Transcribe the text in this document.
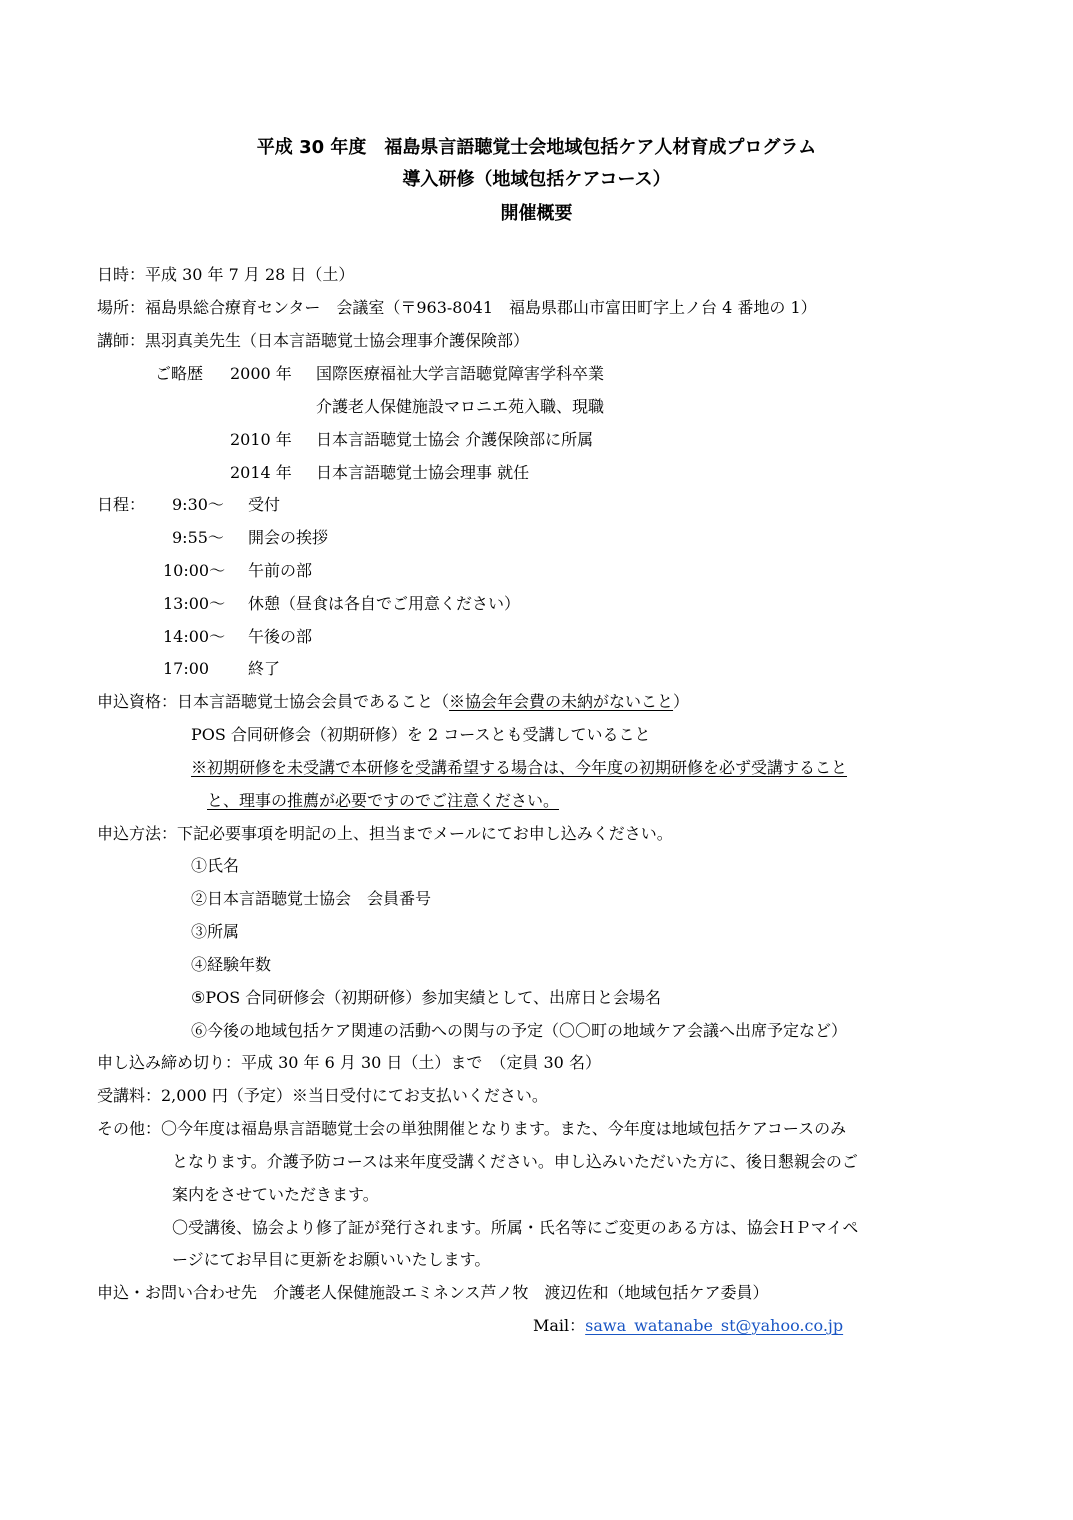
平成 30 年度　福島県言語聴覚士会地域包括ケア人材育成プログラム
導入研修（地域包括ケアコース）
開催概要
日時：平成 30 年 7 月 28 日（土）
場所：福島県総合療育センター　会議室（〒963-8041　福島県郡山市富田町字上ノ台 4 番地の 1）
講師：黒羽真美先生（日本言語聴覚士協会理事介護保険部）
ご略歴 2000 年 国際医療福祉大学言語聴覚障害学科卒業
介護老人保健施設マロニエ苑入職、現職
2010 年 日本言語聴覚士協会 介護保険部に所属
2014 年 日本言語聴覚士協会理事 就任
日程： 9:30～ 受付
9:55～ 開会の挨拶
10:00～ 午前の部
13:00～ 休憩（昼食は各自でご用意ください）
14:00～ 午後の部
17:00 終了
申込資格：日本言語聴覚士協会会員であること（※協会年会費の未納がないこと）
POS 合同研修会（初期研修）を 2 コースとも受講していること
※初期研修を未受講で本研修を受講希望する場合は、今年度の初期研修を必ず受講すること
と、理事の推薦が必要ですのでご注意ください。
申込方法：下記必要事項を明記の上、担当までメールにてお申し込みください。
①氏名
②日本言語聴覚士協会　会員番号
③所属
④経験年数
⑤POS 合同研修会（初期研修）参加実績として、出席日と会場名
⑥今後の地域包括ケア関連の活動への関与の予定（〇〇町の地域ケア会議へ出席予定など）
申し込み締め切り：平成 30 年 6 月 30 日（土）まで　（定員 30 名）
受講料：2,000 円（予定）※当日受付にてお支払いください。
その他：〇今年度は福島県言語聴覚士会の単独開催となります。また、今年度は地域包括ケアコースのみ
となります。介護予防コースは来年度受講ください。申し込みいただいた方に、後日懇親会のご
案内をさせていただきます。
〇受講後、協会より修了証が発行されます。所属・氏名等にご変更のある方は、協会ＨＰマイペ
ージにてお早目に更新をお願いいたします。
申込・お問い合わせ先　介護老人保健施設エミネンス芦ノ牧　渡辺佐和（地域包括ケア委員）
Mail：sawa_watanabe_st@yahoo.co.jp
